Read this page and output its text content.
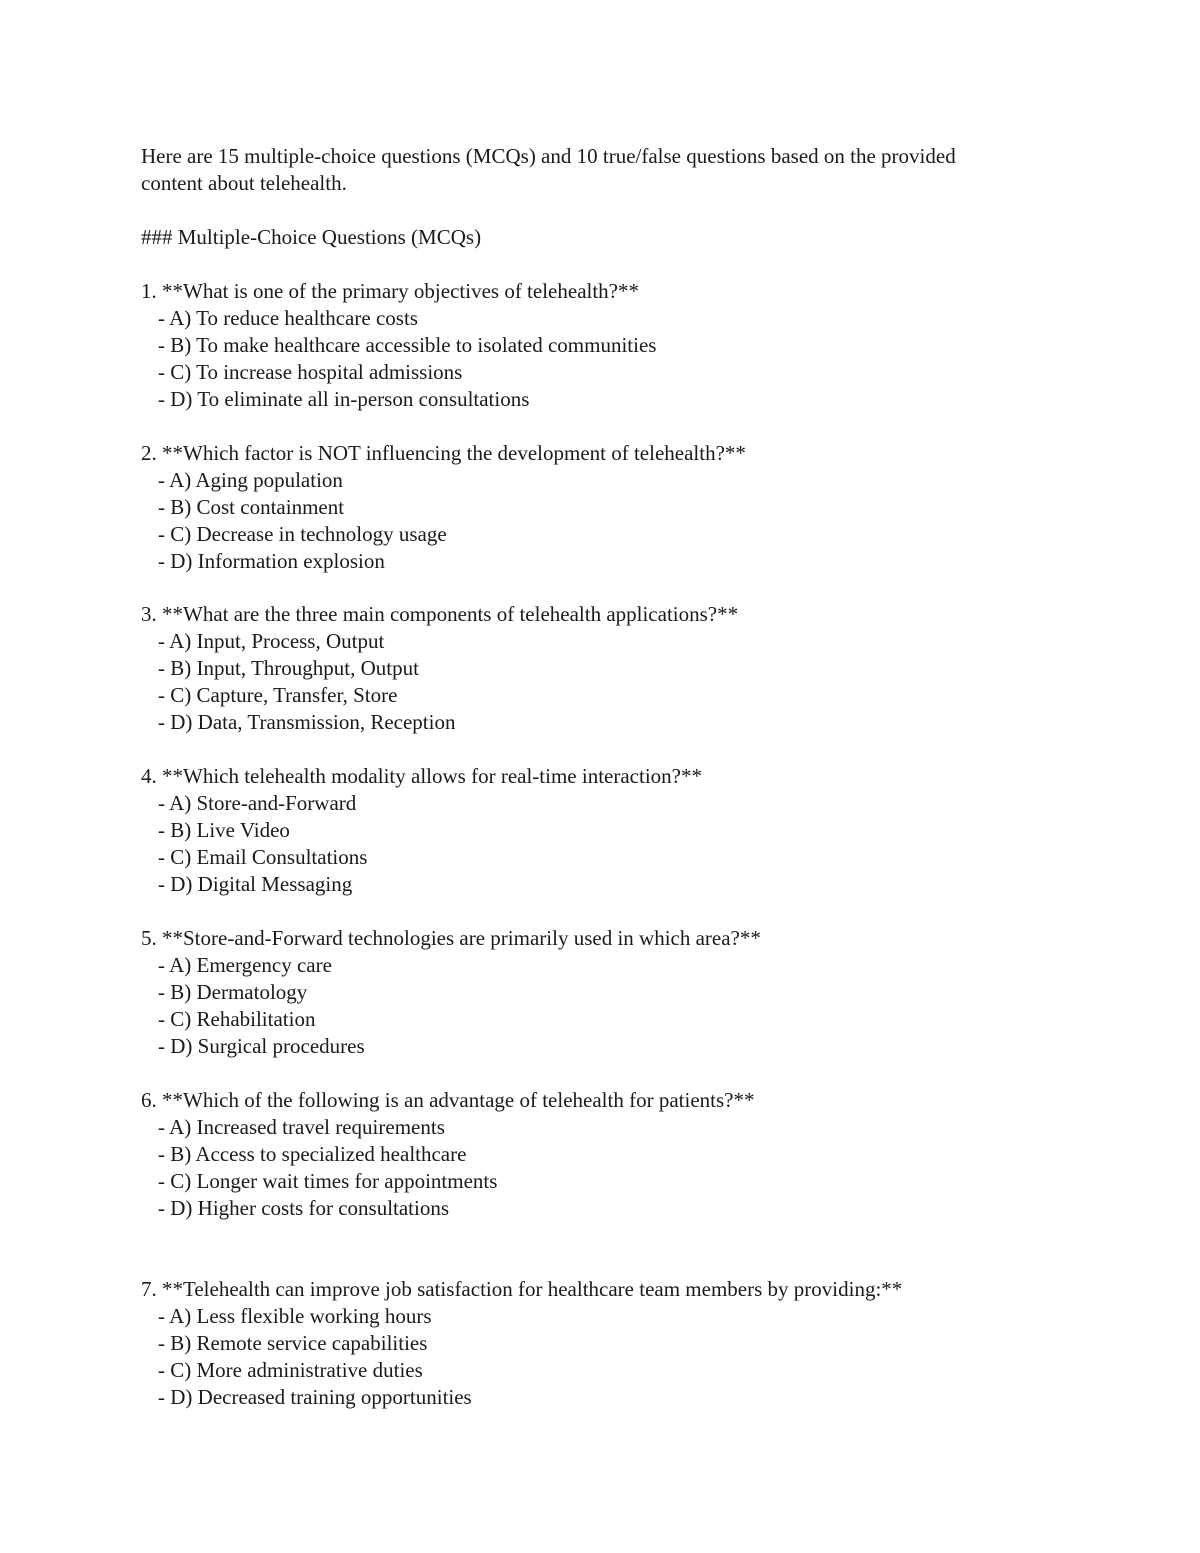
Here are 15 multiple-choice questions (MCQs) and 10 true/false questions based on the provided

content about telehealth.

### Multiple-Choice Questions (MCQs)
1. **What is one of the primary objectives of telehealth?**
- A) To reduce healthcare costs
- B) To make healthcare accessible to isolated communities
- C) To increase hospital admissions
- D) To eliminate all in-person consultations
2. **Which factor is NOT influencing the development of telehealth?**
- A) Aging population
- B) Cost containment
- C) Decrease in technology usage
- D) Information explosion
3. **What are the three main components of telehealth applications?**
- A) Input, Process, Output
- B) Input, Throughput, Output
- C) Capture, Transfer, Store
- D) Data, Transmission, Reception
4. **Which telehealth modality allows for real-time interaction?**
- A) Store-and-Forward
- B) Live Video
- C) Email Consultations
- D) Digital Messaging
5. **Store-and-Forward technologies are primarily used in which area?**
- A) Emergency care
- B) Dermatology
- C) Rehabilitation
- D) Surgical procedures
6. **Which of the following is an advantage of telehealth for patients?**
- A) Increased travel requirements
- B) Access to specialized healthcare
- C) Longer wait times for appointments
- D) Higher costs for consultations
7. **Telehealth can improve job satisfaction for healthcare team members by providing:**
- A) Less flexible working hours
- B) Remote service capabilities
- C) More administrative duties
- D) Decreased training opportunities
